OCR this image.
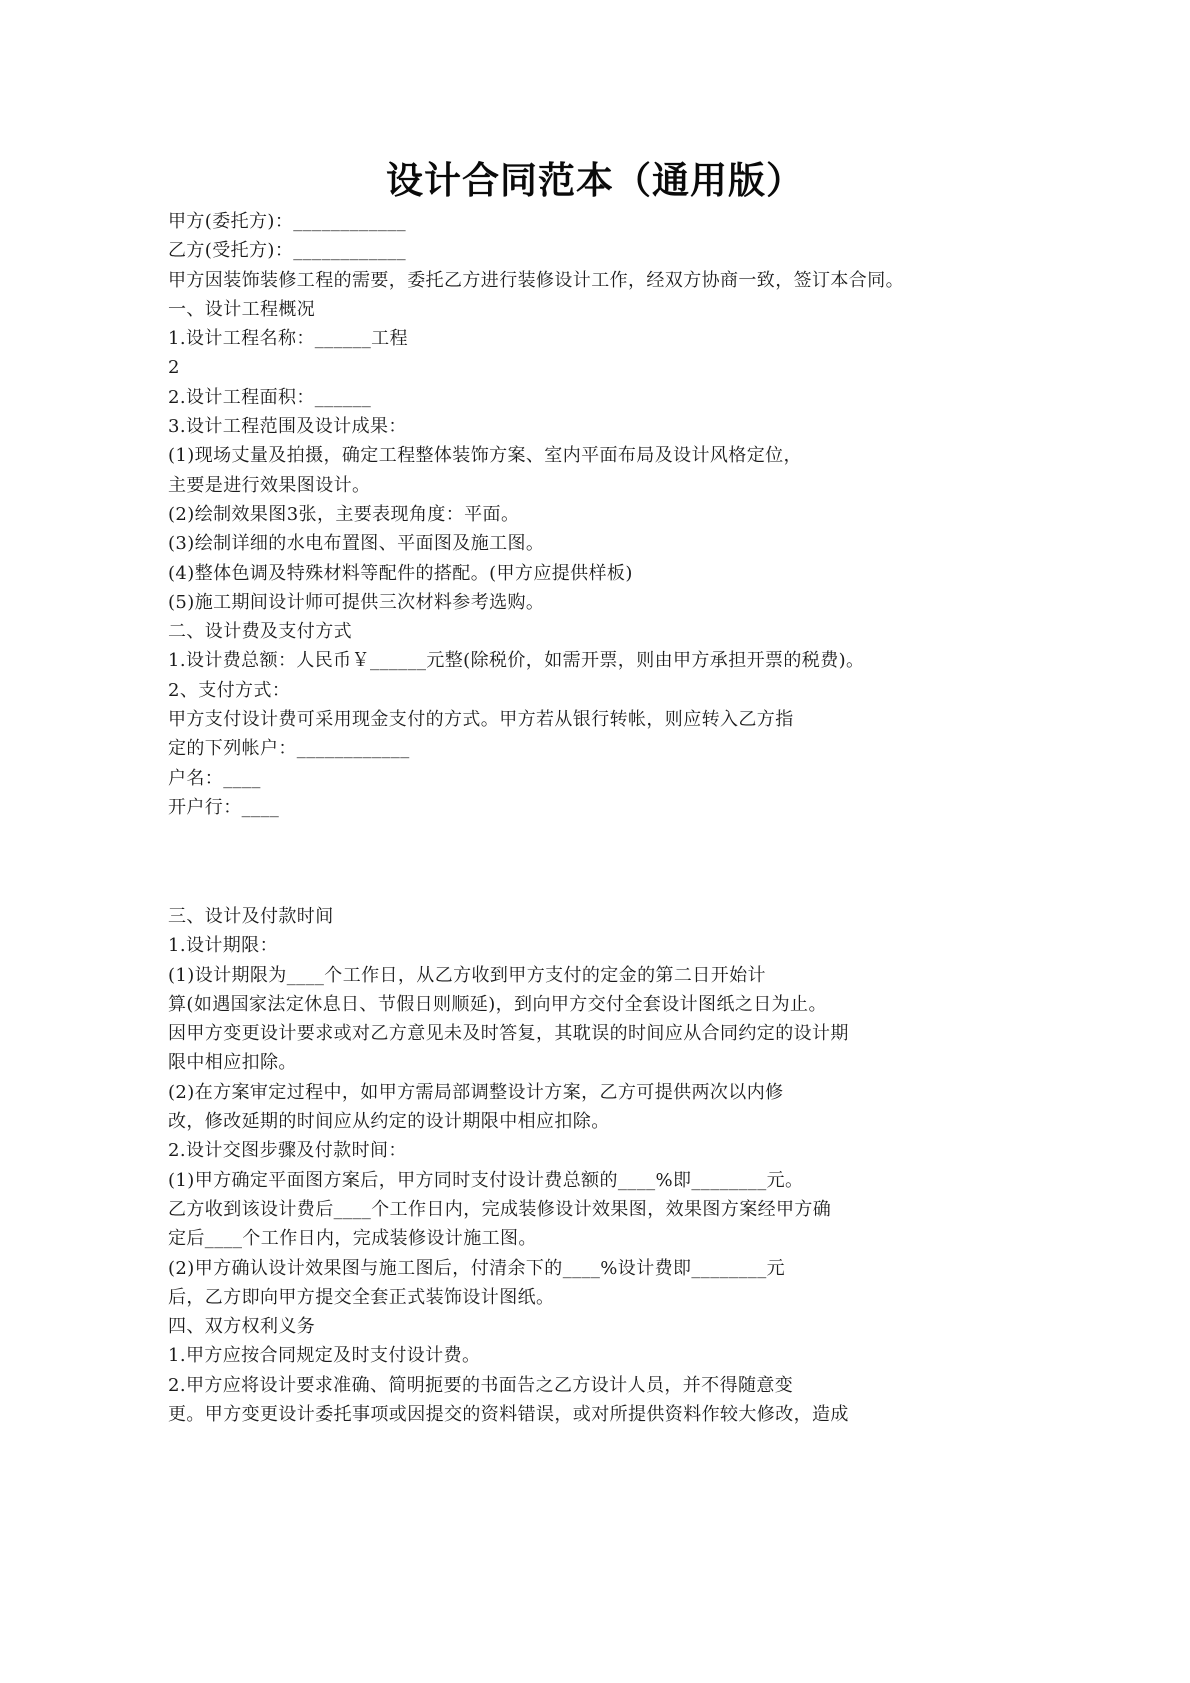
设计合同范本（通用版）
甲方(委托方)：____________
乙方(受托方)：____________
甲方因装饰装修工程的需要，委托乙方进行装修设计工作，经双方协商一致，签订本合同。
一、设计工程概况
1.设计工程名称：______工程
2
2.设计工程面积：______
3.设计工程范围及设计成果：
(1)现场丈量及拍摄，确定工程整体装饰方案、室内平面布局及设计风格定位，
主要是进行效果图设计。
(2)绘制效果图3张，主要表现角度：平面。
(3)绘制详细的水电布置图、平面图及施工图。
(4)整体色调及特殊材料等配件的搭配。(甲方应提供样板)
(5)施工期间设计师可提供三次材料参考选购。
二、设计费及支付方式
1.设计费总额：人民币￥______元整(除税价，如需开票，则由甲方承担开票的税费)。
2、支付方式：
甲方支付设计费可采用现金支付的方式。甲方若从银行转帐，则应转入乙方指
定的下列帐户：____________
户名：____
开户行：____
三、设计及付款时间
1.设计期限：
(1)设计期限为____个工作日，从乙方收到甲方支付的定金的第二日开始计
算(如遇国家法定休息日、节假日则顺延)，到向甲方交付全套设计图纸之日为止。
因甲方变更设计要求或对乙方意见未及时答复，其耽误的时间应从合同约定的设计期
限中相应扣除。
(2)在方案审定过程中，如甲方需局部调整设计方案，乙方可提供两次以内修
改，修改延期的时间应从约定的设计期限中相应扣除。
2.设计交图步骤及付款时间：
(1)甲方确定平面图方案后，甲方同时支付设计费总额的____%即________元。
乙方收到该设计费后____个工作日内，完成装修设计效果图，效果图方案经甲方确
定后____个工作日内，完成装修设计施工图。
(2)甲方确认设计效果图与施工图后，付清余下的____%设计费即________元
后，乙方即向甲方提交全套正式装饰设计图纸。
四、双方权利义务
1.甲方应按合同规定及时支付设计费。
2.甲方应将设计要求准确、简明扼要的书面告之乙方设计人员，并不得随意变
更。甲方变更设计委托事项或因提交的资料错误，或对所提供资料作较大修改，造成
